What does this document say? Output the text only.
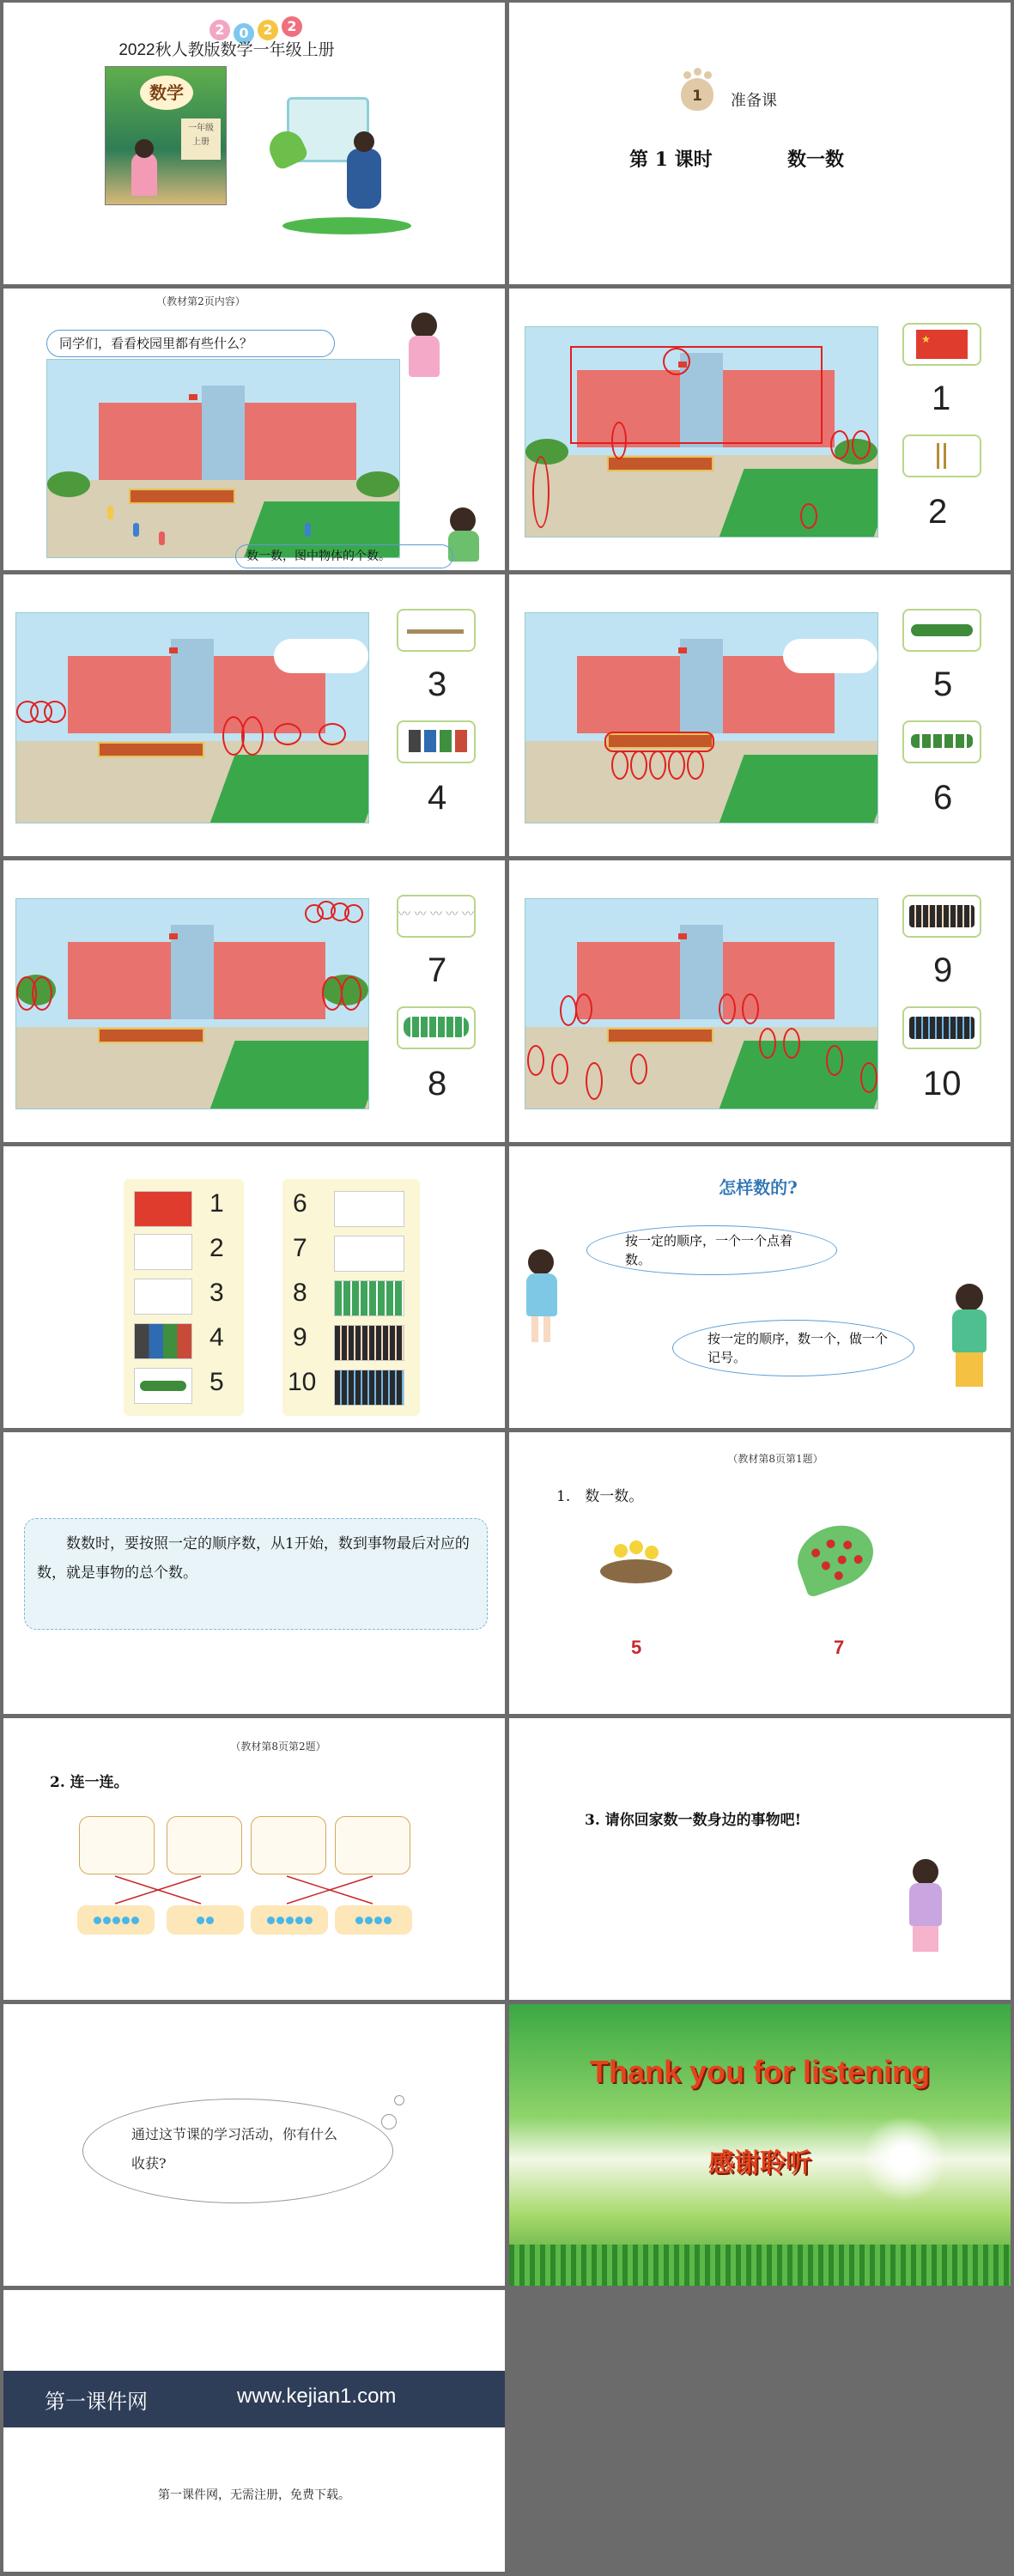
2	0	2	2
2022秋人教版数学一年级上册
数学
一年级
上册
1	准备课
第 1 课时	数一数
（教材第2页内容）
同学们，看看校园里都有些什么？
数一数，图中物体的个数。
★
1
2
3
4
5
6
〰 〰 〰 〰 〰
7
8
9
10
1
2
3
4
5
6
7
8
9
10
怎样数的?
按一定的顺序，一个一个点着数。
按一定的顺序，数一个，做一个记号。
数数时，要按照一定的顺序数，从1开始，数到事物最后对应的数，就是事物的总个数。
（教材第8页第1题）
1.　数一数。
5	7
（教材第8页第2题）
2. 连一连。
3. 请你回家数一数身边的事物吧!
通过这节课的学习活动，你有什么收获?
Thank you for listening
感谢聆听
第一课件网	www.kejian1.com
第一课件网，无需注册，免费下载。
